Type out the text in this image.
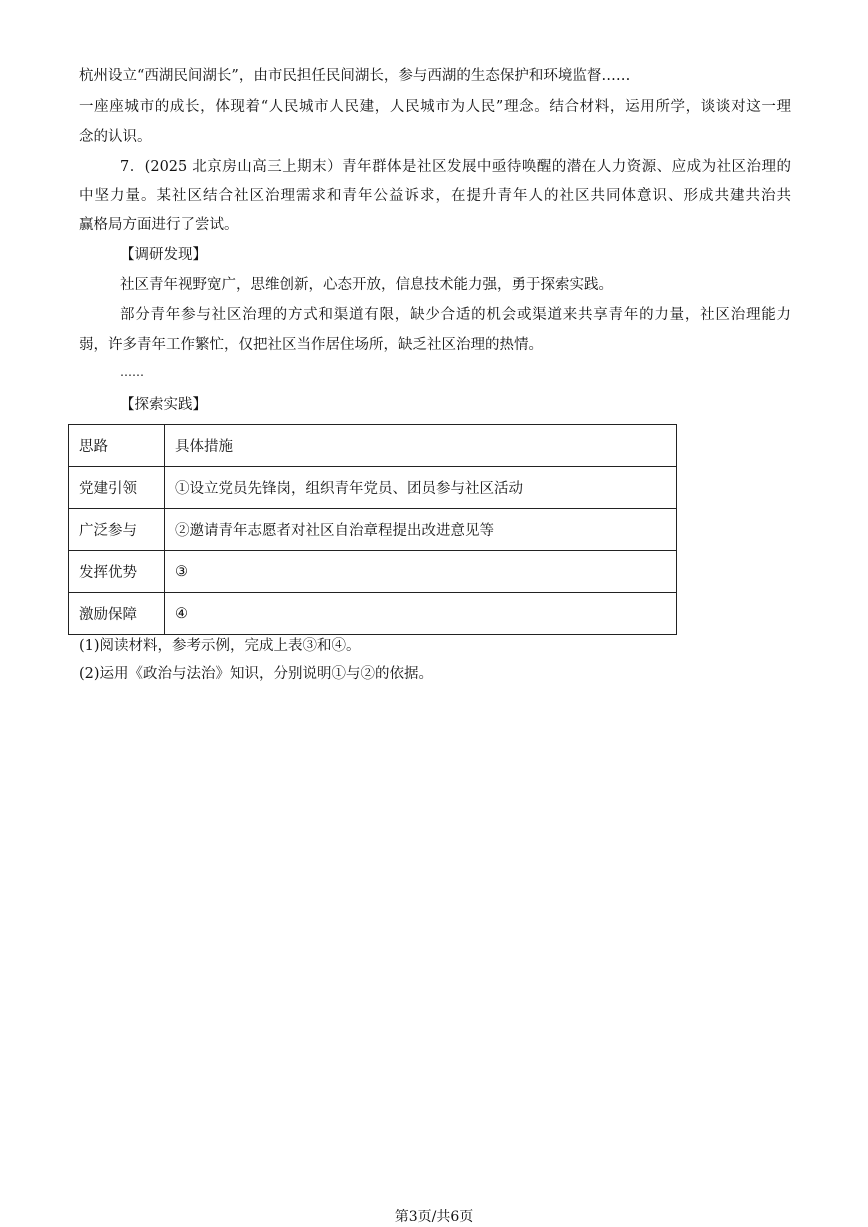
杭州设立“西湖民间湖长”，由市民担任民间湖长，参与西湖的生态保护和环境监督……
一座座城市的成长，体现着“人民城市人民建，人民城市为人民”理念。结合材料，运用所学，谈谈对这一理
念的认识。
7．(2025 北京房山高三上期末）青年群体是社区发展中亟待唤醒的潜在人力资源、应成为社区治理的
中坚力量。某社区结合社区治理需求和青年公益诉求，在提升青年人的社区共同体意识、形成共建共治共
赢格局方面进行了尝试。
【调研发现】
社区青年视野宽广，思维创新，心态开放，信息技术能力强，勇于探索实践。
部分青年参与社区治理的方式和渠道有限，缺少合适的机会或渠道来共享青年的力量，社区治理能力
弱，许多青年工作繁忙，仅把社区当作居住场所，缺乏社区治理的热情。
……
【探索实践】
思路	具体措施
党建引领	①设立党员先锋岗，组织青年党员、团员参与社区活动
广泛参与	②邀请青年志愿者对社区自治章程提出改进意见等
发挥优势	③
激励保障	④
(1)阅读材料，参考示例，完成上表③和④。
(2)运用《政治与法治》知识，分别说明①与②的依据。
第3页/共6页
